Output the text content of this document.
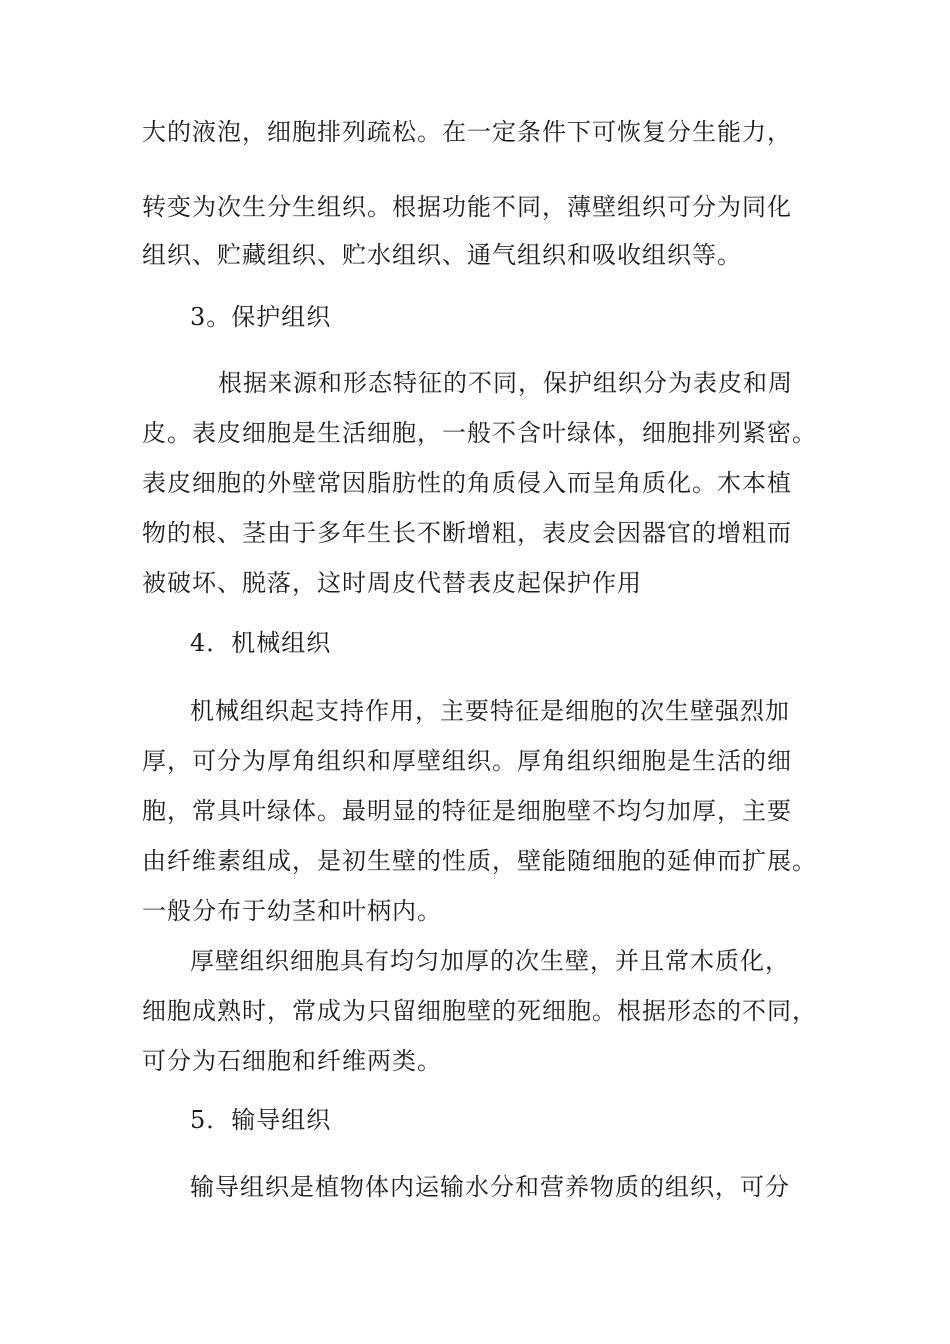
大的液泡，细胞排列疏松。在一定条件下可恢复分生能力，
转变为次生分生组织。根据功能不同，薄壁组织可分为同化
组织、贮藏组织、贮水组织、通气组织和吸收组织等。
3。保护组织
根据来源和形态特征的不同，保护组织分为表皮和周
皮。表皮细胞是生活细胞，一般不含叶绿体，细胞排列紧密。
表皮细胞的外壁常因脂肪性的角质侵入而呈角质化。木本植
物的根、茎由于多年生长不断增粗，表皮会因器官的增粗而
被破坏、脱落，这时周皮代替表皮起保护作用
4．机械组织
机械组织起支持作用，主要特征是细胞的次生壁强烈加
厚，可分为厚角组织和厚壁组织。厚角组织细胞是生活的细
胞，常具叶绿体。最明显的特征是细胞壁不均匀加厚，主要
由纤维素组成，是初生壁的性质，壁能随细胞的延伸而扩展。
一般分布于幼茎和叶柄内。
厚壁组织细胞具有均匀加厚的次生壁，并且常木质化，
细胞成熟时，常成为只留细胞壁的死细胞。根据形态的不同，
可分为石细胞和纤维两类。
5．输导组织
输导组织是植物体内运输水分和营养物质的组织，可分
